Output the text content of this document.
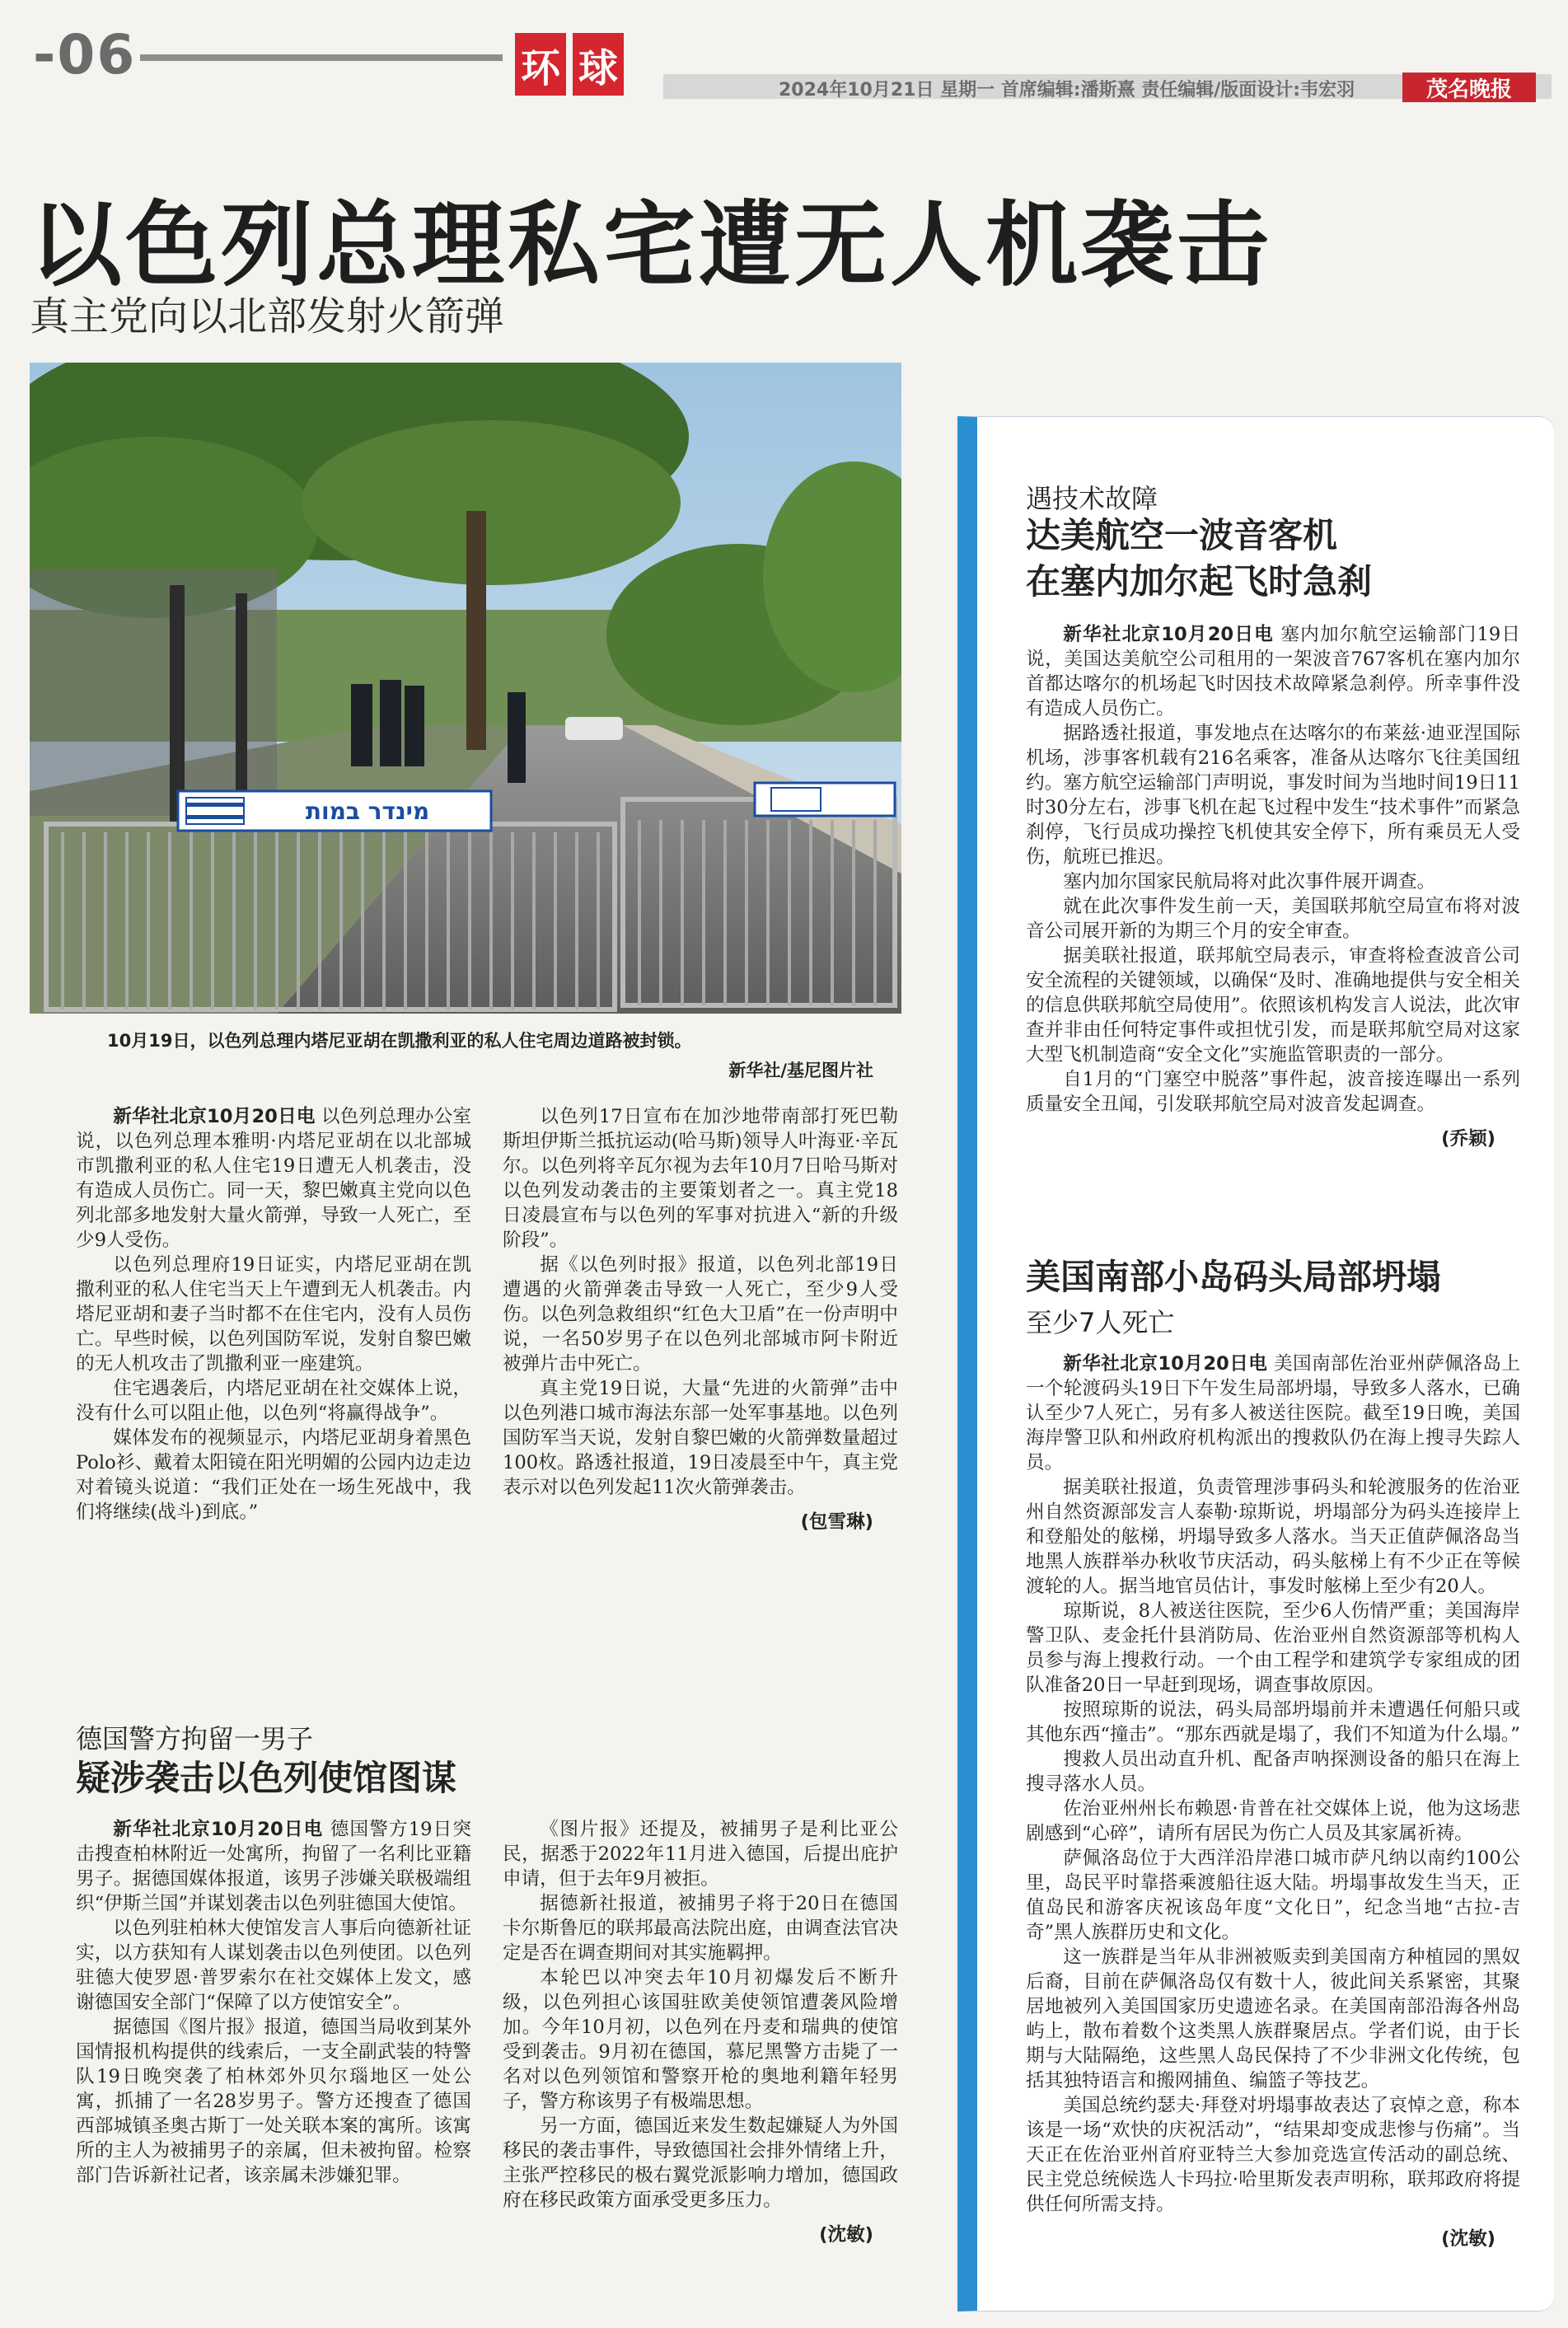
-06	环 球	2024年10月21日 星期一 首席编辑:潘斯熹 责任编辑/版面设计:韦宏羽	茂名晚报
以色列总理私宅遭无人机袭击
真主党向以北部发射火箭弹
מינדר במות
10月19日，以色列总理内塔尼亚胡在凯撒利亚的私人住宅周边道路被封锁。
新华社/基尼图片社

新华社北京10月20日电 以色列总理办公室说，以色列总理本雅明·内塔尼亚胡在以北部城市凯撒利亚的私人住宅19日遭无人机袭击，没有造成人员伤亡。同一天，黎巴嫩真主党向以色列北部多地发射大量火箭弹，导致一人死亡，至少9人受伤。

以色列总理府19日证实，内塔尼亚胡在凯撒利亚的私人住宅当天上午遭到无人机袭击。内塔尼亚胡和妻子当时都不在住宅内，没有人员伤亡。早些时候，以色列国防军说，发射自黎巴嫩的无人机攻击了凯撒利亚一座建筑。

住宅遇袭后，内塔尼亚胡在社交媒体上说，没有什么可以阻止他，以色列“将赢得战争”。

媒体发布的视频显示，内塔尼亚胡身着黑色Polo衫、戴着太阳镜在阳光明媚的公园内边走边对着镜头说道：“我们正处在一场生死战中，我们将继续(战斗)到底。”

以色列17日宣布在加沙地带南部打死巴勒斯坦伊斯兰抵抗运动(哈马斯)领导人叶海亚·辛瓦尔。以色列将辛瓦尔视为去年10月7日哈马斯对以色列发动袭击的主要策划者之一。真主党18日凌晨宣布与以色列的军事对抗进入“新的升级阶段”。

据《以色列时报》报道，以色列北部19日遭遇的火箭弹袭击导致一人死亡，至少9人受伤。以色列急救组织“红色大卫盾”在一份声明中说，一名50岁男子在以色列北部城市阿卡附近被弹片击中死亡。

真主党19日说，大量“先进的火箭弹”击中以色列港口城市海法东部一处军事基地。以色列国防军当天说，发射自黎巴嫩的火箭弹数量超过100枚。路透社报道，19日凌晨至中午，真主党表示对以色列发起11次火箭弹袭击。

(包雪琳)

德国警方拘留一男子
疑涉袭击以色列使馆图谋

新华社北京10月20日电 德国警方19日突击搜查柏林附近一处寓所，拘留了一名利比亚籍男子。据德国媒体报道，该男子涉嫌关联极端组织“伊斯兰国”并谋划袭击以色列驻德国大使馆。

以色列驻柏林大使馆发言人事后向德新社证实，以方获知有人谋划袭击以色列使团。以色列驻德大使罗恩·普罗索尔在社交媒体上发文，感谢德国安全部门“保障了以方使馆安全”。

据德国《图片报》报道，德国当局收到某外国情报机构提供的线索后，一支全副武装的特警队19日晚突袭了柏林郊外贝尔瑙地区一处公寓，抓捕了一名28岁男子。警方还搜查了德国西部城镇圣奥古斯丁一处关联本案的寓所。该寓所的主人为被捕男子的亲属，但未被拘留。检察部门告诉新社记者，该亲属未涉嫌犯罪。

《图片报》还提及，被捕男子是利比亚公民，据悉于2022年11月进入德国，后提出庇护申请，但于去年9月被拒。

据德新社报道，被捕男子将于20日在德国卡尔斯鲁厄的联邦最高法院出庭，由调查法官决定是否在调查期间对其实施羁押。

本轮巴以冲突去年10月初爆发后不断升级，以色列担心该国驻欧美使领馆遭袭风险增加。今年10月初，以色列在丹麦和瑞典的使馆受到袭击。9月初在德国，慕尼黑警方击毙了一名对以色列领馆和警察开枪的奥地利籍年轻男子，警方称该男子有极端思想。

另一方面，德国近来发生数起嫌疑人为外国移民的袭击事件，导致德国社会排外情绪上升，主张严控移民的极右翼党派影响力增加，德国政府在移民政策方面承受更多压力。

(沈敏)

遇技术故障
达美航空一波音客机
在塞内加尔起飞时急刹

新华社北京10月20日电 塞内加尔航空运输部门19日说，美国达美航空公司租用的一架波音767客机在塞内加尔首都达喀尔的机场起飞时因技术故障紧急刹停。所幸事件没有造成人员伤亡。

据路透社报道，事发地点在达喀尔的布莱兹·迪亚涅国际机场，涉事客机载有216名乘客，准备从达喀尔飞往美国纽约。塞方航空运输部门声明说，事发时间为当地时间19日11时30分左右，涉事飞机在起飞过程中发生“技术事件”而紧急刹停，飞行员成功操控飞机使其安全停下，所有乘员无人受伤，航班已推迟。

塞内加尔国家民航局将对此次事件展开调查。

就在此次事件发生前一天，美国联邦航空局宣布将对波音公司展开新的为期三个月的安全审查。

据美联社报道，联邦航空局表示，审查将检查波音公司安全流程的关键领域，以确保“及时、准确地提供与安全相关的信息供联邦航空局使用”。依照该机构发言人说法，此次审查并非由任何特定事件或担忧引发，而是联邦航空局对这家大型飞机制造商“安全文化”实施监管职责的一部分。

自1月的“门塞空中脱落”事件起，波音接连曝出一系列质量安全丑闻，引发联邦航空局对波音发起调查。

(乔颖)

美国南部小岛码头局部坍塌
至少7人死亡

新华社北京10月20日电 美国南部佐治亚州萨佩洛岛上一个轮渡码头19日下午发生局部坍塌，导致多人落水，已确认至少7人死亡，另有多人被送往医院。截至19日晚，美国海岸警卫队和州政府机构派出的搜救队仍在海上搜寻失踪人员。

据美联社报道，负责管理涉事码头和轮渡服务的佐治亚州自然资源部发言人泰勒·琼斯说，坍塌部分为码头连接岸上和登船处的舷梯，坍塌导致多人落水。当天正值萨佩洛岛当地黑人族群举办秋收节庆活动，码头舷梯上有不少正在等候渡轮的人。据当地官员估计，事发时舷梯上至少有20人。

琼斯说，8人被送往医院，至少6人伤情严重；美国海岸警卫队、麦金托什县消防局、佐治亚州自然资源部等机构人员参与海上搜救行动。一个由工程学和建筑学专家组成的团队准备20日一早赶到现场，调查事故原因。

按照琼斯的说法，码头局部坍塌前并未遭遇任何船只或其他东西“撞击”。“那东西就是塌了，我们不知道为什么塌。”

搜救人员出动直升机、配备声呐探测设备的船只在海上搜寻落水人员。

佐治亚州州长布赖恩·肯普在社交媒体上说，他为这场悲剧感到“心碎”，请所有居民为伤亡人员及其家属祈祷。

萨佩洛岛位于大西洋沿岸港口城市萨凡纳以南约100公里，岛民平时靠搭乘渡船往返大陆。坍塌事故发生当天，正值岛民和游客庆祝该岛年度“文化日”，纪念当地“古拉-吉奇”黑人族群历史和文化。

这一族群是当年从非洲被贩卖到美国南方种植园的黑奴后裔，目前在萨佩洛岛仅有数十人，彼此间关系紧密，其聚居地被列入美国国家历史遗迹名录。在美国南部沿海各州岛屿上，散布着数个这类黑人族群聚居点。学者们说，由于长期与大陆隔绝，这些黑人岛民保持了不少非洲文化传统，包括其独特语言和搬网捕鱼、编篮子等技艺。

美国总统约瑟夫·拜登对坍塌事故表达了哀悼之意，称本该是一场“欢快的庆祝活动”，“结果却变成悲惨与伤痛”。当天正在佐治亚州首府亚特兰大参加竞选宣传活动的副总统、民主党总统候选人卡玛拉·哈里斯发表声明称，联邦政府将提供任何所需支持。

(沈敏)
